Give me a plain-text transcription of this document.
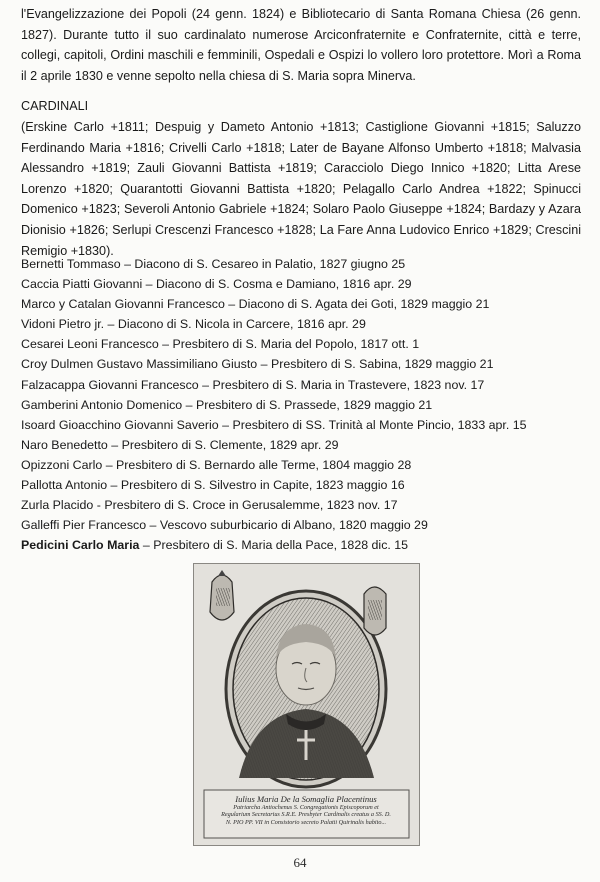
l'Evangelizzazione dei Popoli (24 genn. 1824) e Bibliotecario di Santa Romana Chiesa (26 genn. 1827). Durante tutto il suo cardinalato numerose Arciconfraternite e Confraternite, città e terre, collegi, capitoli, Ordini maschili e femminili, Ospedali e Ospizi lo vollero loro protettore. Morì a Roma il 2 aprile 1830 e venne sepolto nella chiesa di S. Maria sopra Minerva.

CARDINALI

(Erskine Carlo +1811; Despuig y Dameto Antonio +1813; Castiglione Giovanni +1815; Saluzzo Ferdinando Maria +1816; Crivelli Carlo +1818; Later de Bayane Alfonso Umberto +1818; Malvasia Alessandro +1819; Zauli Giovanni Battista +1819; Caracciolo Diego Innico +1820; Litta Arese Lorenzo +1820; Quarantotti Giovanni Battista +1820; Pelagallo Carlo Andrea +1822; Spinucci Domenico +1823; Severoli Antonio Gabriele +1824; Solaro Paolo Giuseppe +1824; Bardazy y Azara Dionisio +1826; Serlupi Crescenzi Francesco +1828; La Fare Anna Ludovico Enrico +1829; Crescini Remigio +1830).

Bernetti Tommaso – Diacono di S. Cesareo in Palatio, 1827 giugno 25
Caccia Piatti Giovanni – Diacono di S. Cosma e Damiano, 1816 apr. 29
Marco y Catalan Giovanni Francesco – Diacono di S. Agata dei Goti, 1829 maggio 21
Vidoni Pietro jr. – Diacono di S. Nicola in Carcere, 1816 apr. 29
Cesarei Leoni Francesco – Presbitero di S. Maria del Popolo, 1817 ott. 1
Croy Dulmen Gustavo Massimiliano Giusto – Presbitero di S. Sabina, 1829 maggio 21
Falzacappa Giovanni Francesco – Presbitero di S. Maria in Trastevere, 1823 nov. 17
Gamberini Antonio Domenico – Presbitero di S. Prassede, 1829 maggio 21
Isoard Gioacchino Giovanni Saverio – Presbitero di SS. Trinità al Monte Pincio, 1833 apr. 15
Naro Benedetto – Presbitero di S. Clemente, 1829 apr. 29
Opizzoni Carlo – Presbitero di S. Bernardo alle Terme, 1804 maggio 28
Pallotta Antonio – Presbitero di S. Silvestro in Capite, 1823 maggio 16
Zurla Placido - Presbitero di S. Croce in Gerusalemme, 1823 nov. 17
Galleffi Pier Francesco – Vescovo suburbicario di Albano, 1820 maggio 29
Pedicini Carlo Maria – Presbitero di S. Maria della Pace, 1828 dic. 15
Iulius Maria De la Somaglia Placentinus
Patriarcha Antiochenus S. Congregationis Episcoporum et
Regularium Secretarius S.R.E. Presbyter Cardinalis creatus a SS. D.
N. PIO PP. VII in Consistorio secreto Palatii Quirinalis habito...
64
